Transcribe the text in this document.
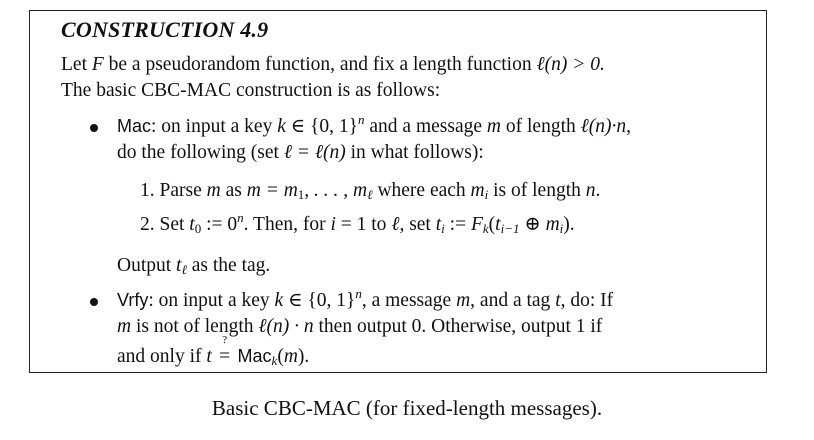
CONSTRUCTION 4.9
Let F be a pseudorandom function, and fix a length function ℓ(n) > 0.
The basic CBC-MAC construction is as follows:
Mac: on input a key k ∈ {0, 1}$^n$ and a message m of length ℓ(n)·n,
do the following (set ℓ = ℓ(n) in what follows):
1. Parse m as $m = m_1$, . . . , $m_\ell$ where each $m_i$ is of length n.
2. Set $t_0$ := $0^n$. Then, for i = 1 to ℓ, set $t_i$ := $F_k(t_{i-1}$ ⊕ $m_i$).
Output $t_\ell$ as the tag.
Vrfy: on input a key k ∈ {0, 1}$^n$, a message m, and a tag t, do: If
m is not of length ℓ(n) · n then output 0. Otherwise, output 1 if
and only if t
?
= Mac$_k$(m).
Basic CBC-MAC (for fixed-length messages).
